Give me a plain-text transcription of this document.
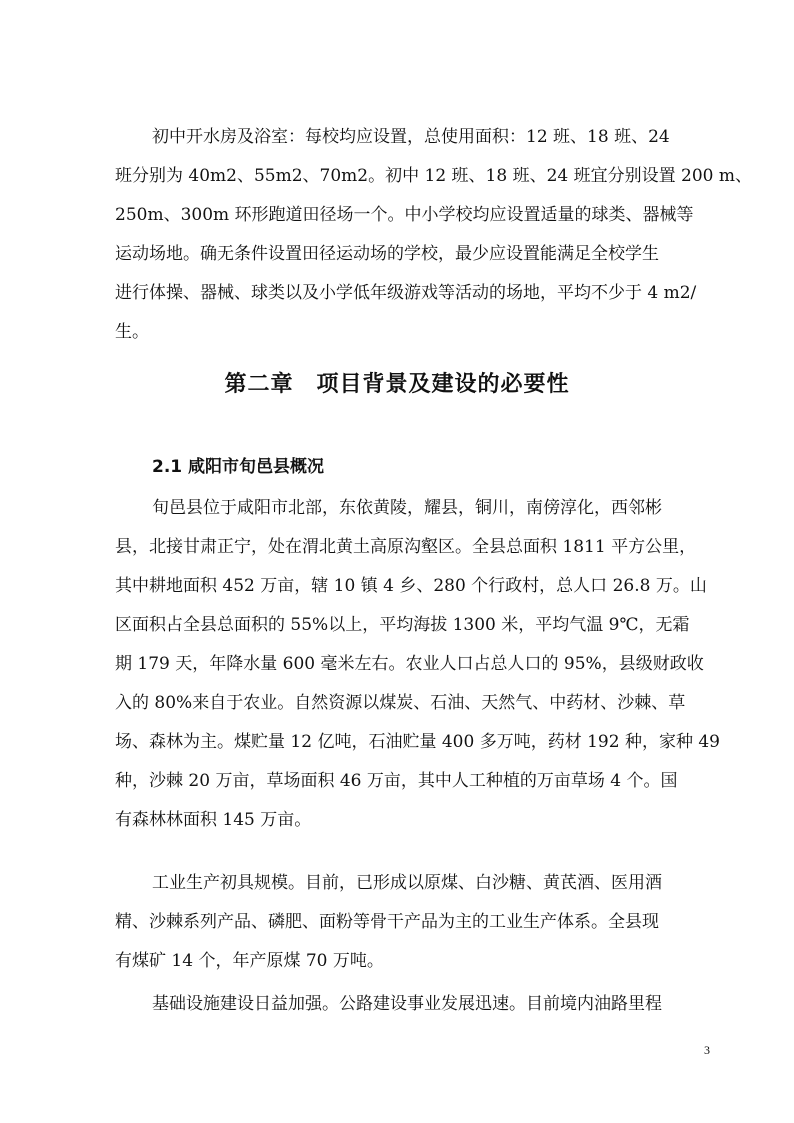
初中开水房及浴室：每校均应设置，总使用面积：12 班、18 班、24
班分别为 40m2、55m2、70m2。初中 12 班、18 班、24 班宜分别设置 200 m、
250m、300m 环形跑道田径场一个。中小学校均应设置适量的球类、器械等
运动场地。确无条件设置田径运动场的学校，最少应设置能满足全校学生
进行体操、器械、球类以及小学低年级游戏等活动的场地，平均不少于 4 m2/
生。
第二章　项目背景及建设的必要性
2.1 咸阳市旬邑县概况
旬邑县位于咸阳市北部，东依黄陵，耀县，铜川，南傍淳化，西邻彬
县，北接甘肃正宁，处在渭北黄土高原沟壑区。全县总面积 1811 平方公里，
其中耕地面积 452 万亩，辖 10 镇 4 乡、280 个行政村，总人口 26.8 万。山
区面积占全县总面积的 55%以上，平均海拔 1300 米，平均气温 9℃，无霜
期 179 天，年降水量 600 毫米左右。农业人口占总人口的 95%，县级财政收
入的 80%来自于农业。自然资源以煤炭、石油、天然气、中药材、沙棘、草
场、森林为主。煤贮量 12 亿吨，石油贮量 400 多万吨，药材 192 种，家种 49
种，沙棘 20 万亩，草场面积 46 万亩，其中人工种植的万亩草场 4 个。国
有森林林面积 145 万亩。
工业生产初具规模。目前，已形成以原煤、白沙糖、黄芪酒、医用酒
精、沙棘系列产品、磷肥、面粉等骨干产品为主的工业生产体系。全县现
有煤矿 14 个，年产原煤 70 万吨。
基础设施建设日益加强。公路建设事业发展迅速。目前境内油路里程
3
